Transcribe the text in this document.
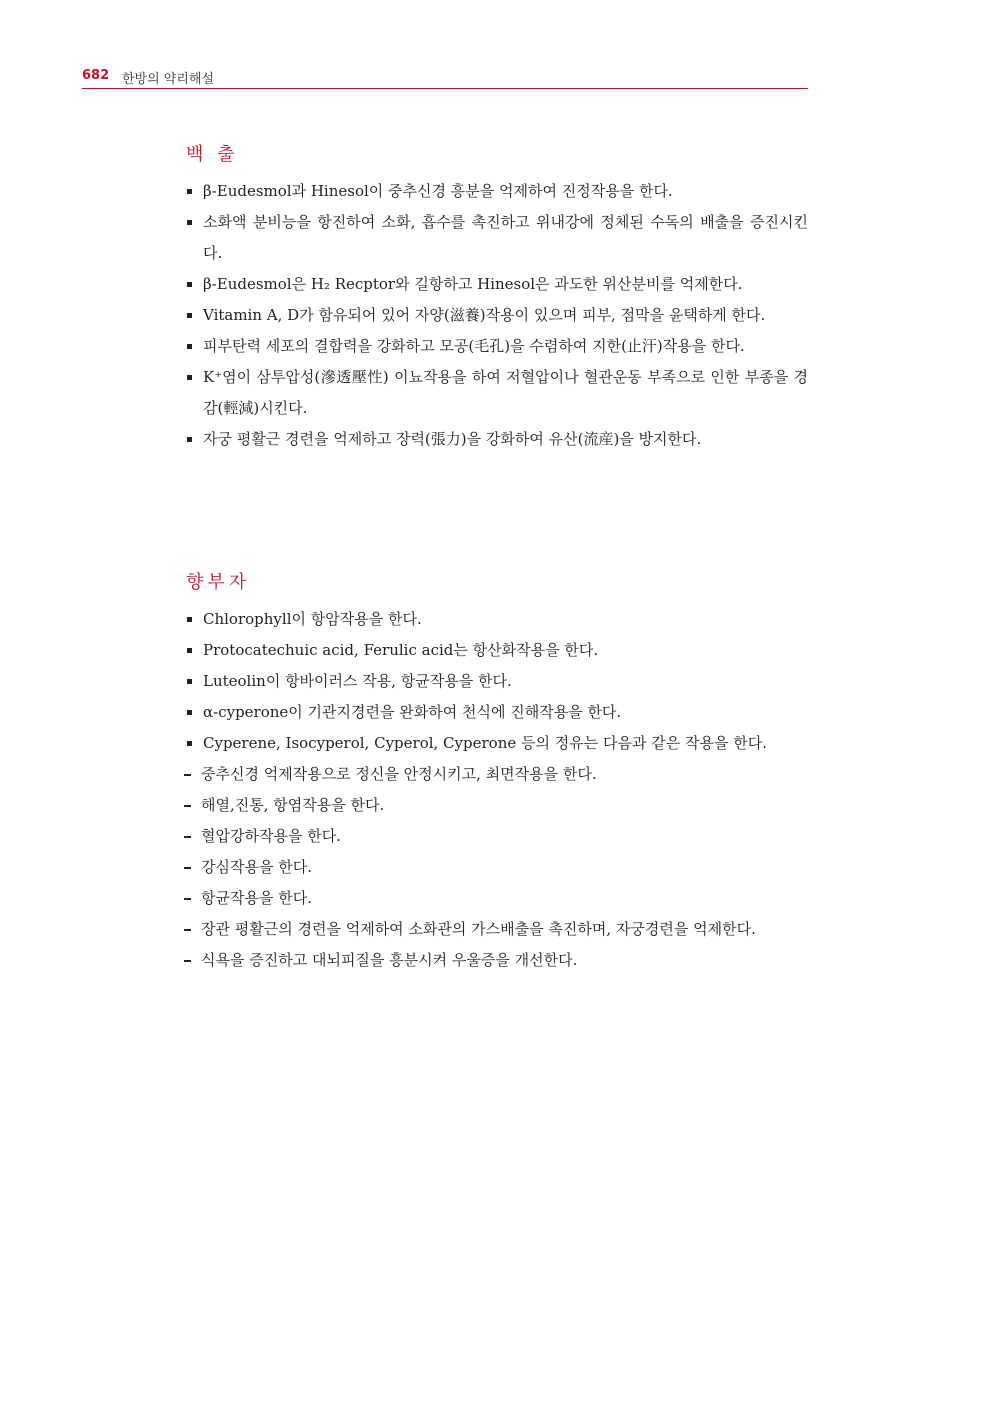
682 한방의 약리해설
백 출
β-Eudesmol과 Hinesol이 중추신경 흥분을 억제하여 진정작용을 한다.
소화액 분비능을 항진하여 소화, 흡수를 촉진하고 위내강에 정체된 수독의 배출을 증진시킨다.
β-Eudesmol은 H₂ Recptor와 길항하고 Hinesol은 과도한 위산분비를 억제한다.
Vitamin A, D가 함유되어 있어 자양(滋養)작용이 있으며 피부, 점막을 윤택하게 한다.
피부탄력 세포의 결합력을 강화하고 모공(毛孔)을 수렴하여 지한(止汗)작용을 한다.
K⁺염이 삼투압성(滲透壓性) 이뇨작용을 하여 저혈압이나 혈관운동 부족으로 인한 부종을 경감(輕減)시킨다.
자궁 평활근 경련을 억제하고 장력(張力)을 강화하여 유산(流産)을 방지한다.
향부자
Chlorophyll이 항암작용을 한다.
Protocatechuic acid, Ferulic acid는 항산화작용을 한다.
Luteolin이 항바이러스 작용, 항균작용을 한다.
α-cyperone이 기관지경련을 완화하여 천식에 진해작용을 한다.
Cyperene, Isocyperol, Cyperol, Cyperone 등의 정유는 다음과 같은 작용을 한다.
중추신경 억제작용으로 정신을 안정시키고, 최면작용을 한다.
해열,진통, 항염작용을 한다.
혈압강하작용을 한다.
강심작용을 한다.
항균작용을 한다.
장관 평활근의 경련을 억제하여 소화관의 가스배출을 촉진하며, 자궁경련을 억제한다.
식욕을 증진하고 대뇌피질을 흥분시켜 우울증을 개선한다.
